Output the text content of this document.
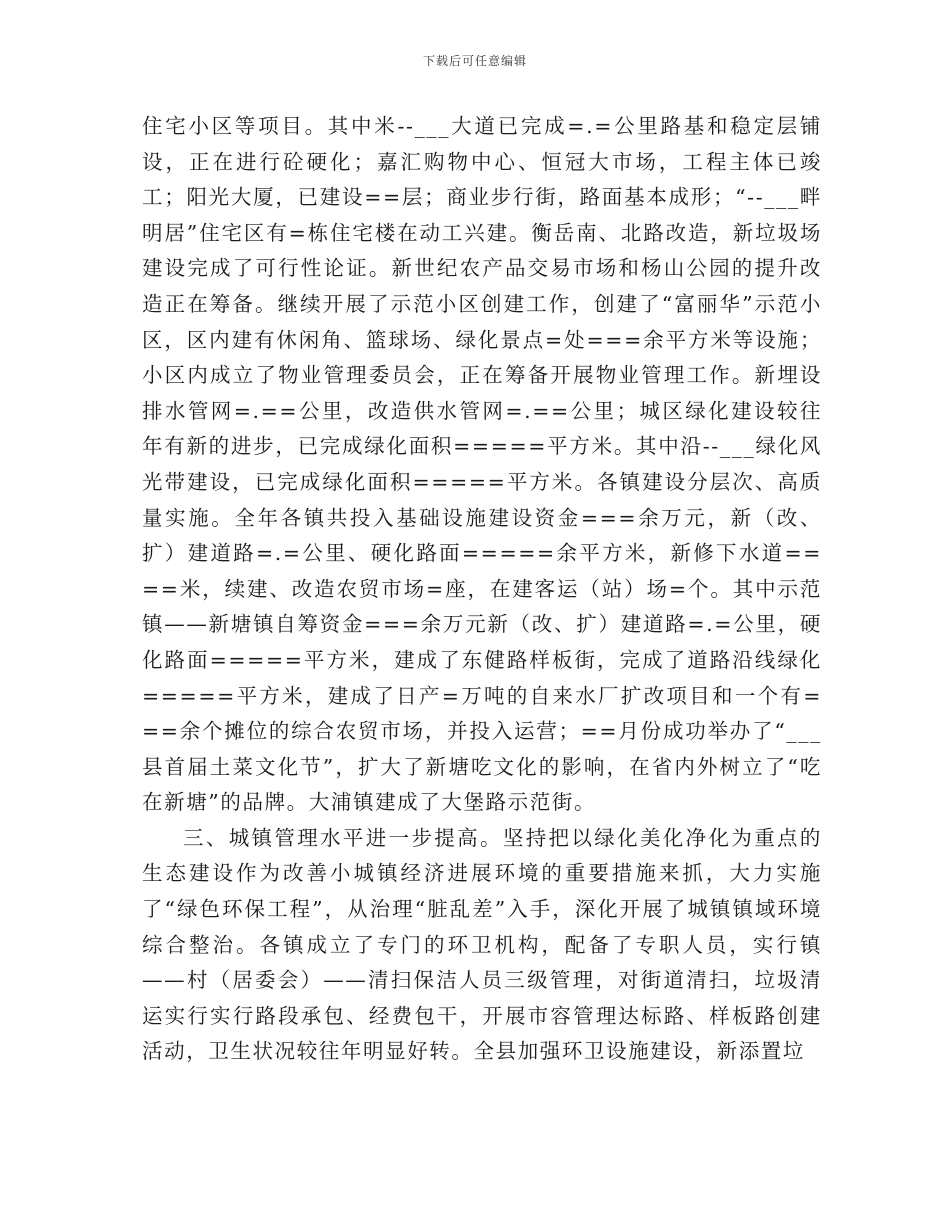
下载后可任意编辑

住宅小区等项目。其中米--___大道已完成=.=公里路基和稳定层铺设，正在进行砼硬化；嘉汇购物中心、恒冠大市场，工程主体已竣工；阳光大厦，已建设==层；商业步行街，路面基本成形；“--___畔明居”住宅区有=栋住宅楼在动工兴建。衡岳南、北路改造，新垃圾场建设完成了可行性论证。新世纪农产品交易市场和杨山公园的提升改造正在筹备。继续开展了示范小区创建工作，创建了“富丽华”示范小区，区内建有休闲角、篮球场、绿化景点=处===余平方米等设施；小区内成立了物业管理委员会，正在筹备开展物业管理工作。新埋设排水管网=.==公里，改造供水管网=.==公里；城区绿化建设较往年有新的进步，已完成绿化面积=====平方米。其中沿--___绿化风光带建设，已完成绿化面积=====平方米。各镇建设分层次、高质量实施。全年各镇共投入基础设施建设资金===余万元，新（改、扩）建道路=.=公里、硬化路面=====余平方米，新修下水道====米，续建、改造农贸市场=座，在建客运（站）场=个。其中示范镇——新塘镇自筹资金===余万元新（改、扩）建道路=.=公里，硬化路面=====平方米，建成了东健路样板街，完成了道路沿线绿化=====平方米，建成了日产=万吨的自来水厂扩改项目和一个有===余个摊位的综合农贸市场，并投入运营；==月份成功举办了“___县首届土菜文化节”，扩大了新塘吃文化的影响，在省内外树立了“吃在新塘”的品牌。大浦镇建成了大堡路示范街。

三、城镇管理水平进一步提高。坚持把以绿化美化净化为重点的生态建设作为改善小城镇经济进展环境的重要措施来抓，大力实施了“绿色环保工程”，从治理“脏乱差”入手，深化开展了城镇镇域环境综合整治。各镇成立了专门的环卫机构，配备了专职人员，实行镇——村（居委会）——清扫保洁人员三级管理，对街道清扫，垃圾清运实行实行路段承包、经费包干，开展市容管理达标路、样板路创建活动，卫生状况较往年明显好转。全县加强环卫设施建设，新添置垃
